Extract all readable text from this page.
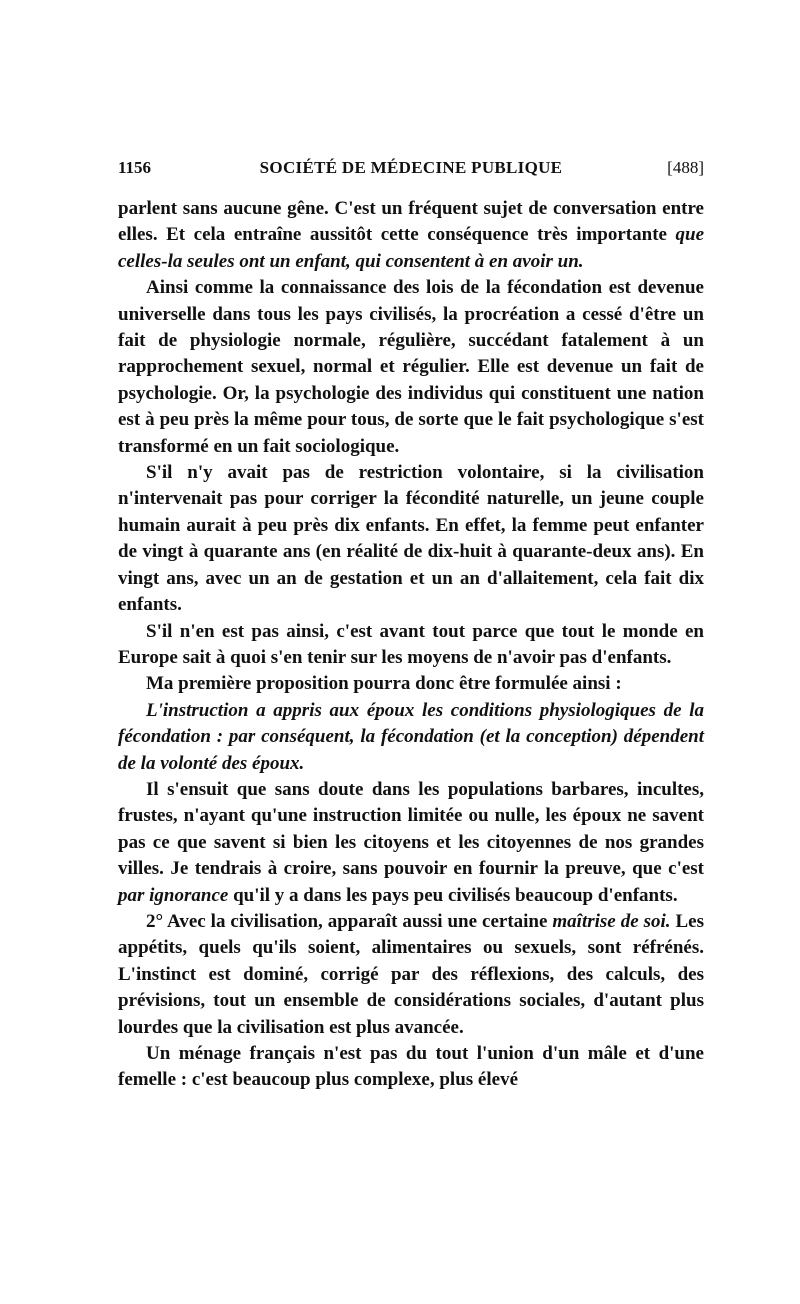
1156	SOCIÉTÉ DE MÉDECINE PUBLIQUE	[488]

parlent sans aucune gêne. C'est un fréquent sujet de conversation entre elles. Et cela entraîne aussitôt cette conséquence très importante que celles-la seules ont un enfant, qui consentent à en avoir un.

Ainsi comme la connaissance des lois de la fécondation est devenue universelle dans tous les pays civilisés, la procréation a cessé d'être un fait de physiologie normale, régulière, succédant fatalement à un rapprochement sexuel, normal et régulier. Elle est devenue un fait de psychologie. Or, la psychologie des individus qui constituent une nation est à peu près la même pour tous, de sorte que le fait psychologique s'est transformé en un fait sociologique.

S'il n'y avait pas de restriction volontaire, si la civilisation n'intervenait pas pour corriger la fécondité naturelle, un jeune couple humain aurait à peu près dix enfants. En effet, la femme peut enfanter de vingt à quarante ans (en réalité de dix-huit à quarante-deux ans). En vingt ans, avec un an de gestation et un an d'allaitement, cela fait dix enfants.

S'il n'en est pas ainsi, c'est avant tout parce que tout le monde en Europe sait à quoi s'en tenir sur les moyens de n'avoir pas d'enfants.

Ma première proposition pourra donc être formulée ainsi :

L'instruction a appris aux époux les conditions physiologiques de la fécondation : par conséquent, la fécondation (et la conception) dépendent de la volonté des époux.

Il s'ensuit que sans doute dans les populations barbares, incultes, frustes, n'ayant qu'une instruction limitée ou nulle, les époux ne savent pas ce que savent si bien les citoyens et les citoyennes de nos grandes villes. Je tendrais à croire, sans pouvoir en fournir la preuve, que c'est par ignorance qu'il y a dans les pays peu civilisés beaucoup d'enfants.

2° Avec la civilisation, apparaît aussi une certaine maîtrise de soi. Les appétits, quels qu'ils soient, alimentaires ou sexuels, sont réfrénés. L'instinct est dominé, corrigé par des réflexions, des calculs, des prévisions, tout un ensemble de considérations sociales, d'autant plus lourdes que la civilisation est plus avancée.

Un ménage français n'est pas du tout l'union d'un mâle et d'une femelle : c'est beaucoup plus complexe, plus élevé
